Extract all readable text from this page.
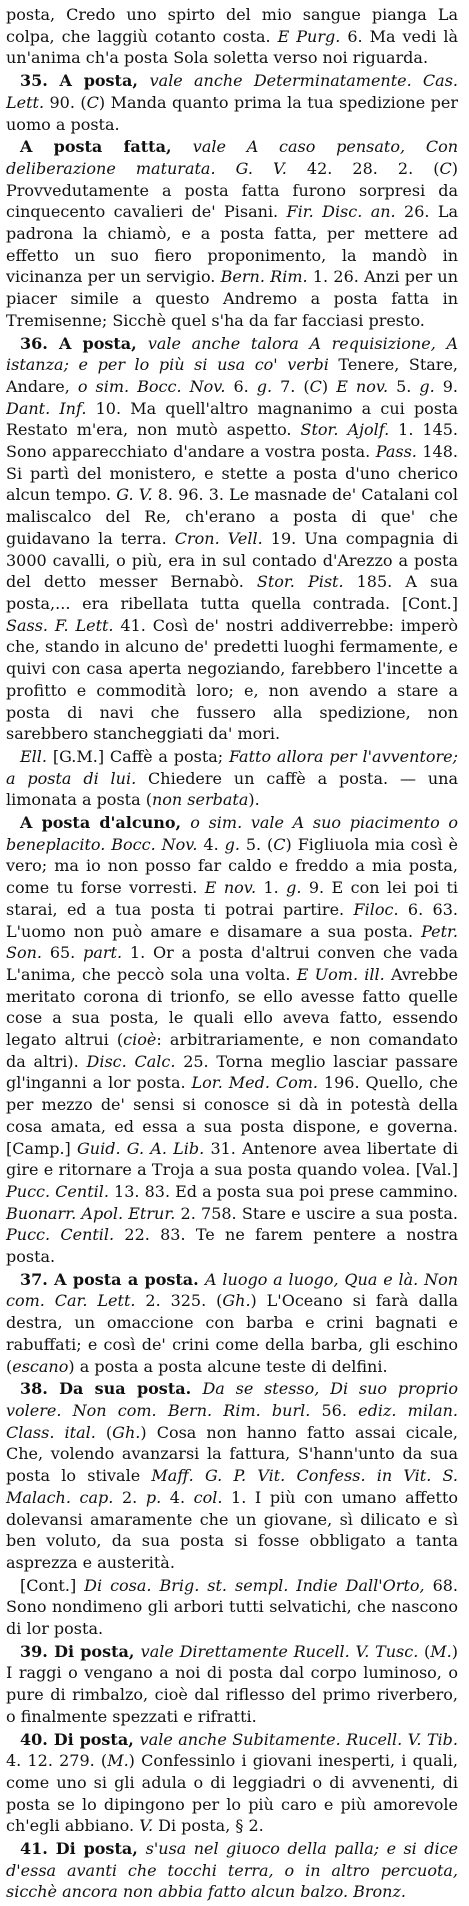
posta, Credo uno spirto del mio sangue pianga La colpa, che laggiù cotanto costa. E Purg. 6. Ma vedi là un'anima ch'a posta Sola soletta verso noi riguarda.

35. A posta, vale anche Determinatamente. Cas. Lett. 90. (C) Manda quanto prima la tua spedizione per uomo a posta.

A posta fatta, vale A caso pensato, Con deliberazione maturata. G. V. 42. 28. 2. (C) Provvedutamente a posta fatta furono sorpresi da cinquecento cavalieri de' Pisani. Fir. Disc. an. 26. La padrona la chiamò, e a posta fatta, per mettere ad effetto un suo fiero proponimento, la mandò in vicinanza per un servigio. Bern. Rim. 1. 26. Anzi per un piacer simile a questo Andremo a posta fatta in Tremisenne; Sicchè quel s'ha da far facciasi presto.

36. A posta, vale anche talora A requisizione, A istanza; e per lo più si usa co' verbi Tenere, Stare, Andare, o sim. Bocc. Nov. 6. g. 7. (C) E nov. 5. g. 9. Dant. Inf. 10. Ma quell'altro magnanimo a cui posta Restato m'era, non mutò aspetto. Stor. Ajolf. 1. 145. Sono apparecchiato d'andare a vostra posta. Pass. 148. Si partì del monistero, e stette a posta d'uno cherico alcun tempo. G. V. 8. 96. 3. Le masnade de' Catalani col maliscalco del Re, ch'erano a posta di que' che guidavano la terra. Cron. Vell. 19. Una compagnia di 3000 cavalli, o più, era in sul contado d'Arezzo a posta del detto messer Bernabò. Stor. Pist. 185. A sua posta,... era ribellata tutta quella contrada. [Cont.] Sass. F. Lett. 41. Così de' nostri addiverrebbe: imperò che, stando in alcuno de' predetti luoghi fermamente, e quivi con casa aperta negoziando, farebbero l'incette a profitto e commodità loro; e, non avendo a stare a posta di navi che fussero alla spedizione, non sarebbero stancheggiati da' mori.

Ell. [G.M.] Caffè a posta; Fatto allora per l'avventore; a posta di lui. Chiedere un caffè a posta. — una limonata a posta (non serbata).

A posta d'alcuno, o sim. vale A suo piacimento o beneplacito. Bocc. Nov. 4. g. 5. (C) Figliuola mia così è vero; ma io non posso far caldo e freddo a mia posta, come tu forse vorresti. E nov. 1. g. 9. E con lei poi ti starai, ed a tua posta ti potrai partire. Filoc. 6. 63. L'uomo non può amare e disamare a sua posta. Petr. Son. 65. part. 1. Or a posta d'altrui conven che vada L'anima, che peccò sola una volta. E Uom. ill. Avrebbe meritato corona di trionfo, se ello avesse fatto quelle cose a sua posta, le quali ello aveva fatto, essendo legato altrui (cioè: arbitrariamente, e non comandato da altri). Disc. Calc. 25. Torna meglio lasciar passare gl'inganni a lor posta. Lor. Med. Com. 196. Quello, che per mezzo de' sensi si conosce si dà in potestà della cosa amata, ed essa a sua posta dispone, e governa. [Camp.] Guid. G. A. Lib. 31. Antenore avea libertate di gire e ritornare a Troja a sua posta quando volea. [Val.] Pucc. Centil. 13. 83. Ed a posta sua poi prese cammino. Buonarr. Apol. Etrur. 2. 758. Stare e uscire a sua posta. Pucc. Centil. 22. 83. Te ne farem pentere a nostra posta.

37. A posta a posta. A luogo a luogo, Qua e là. Non com. Car. Lett. 2. 325. (Gh.) L'Oceano si farà dalla destra, un omaccione con barba e crini bagnati e rabuffati; e così de' crini come della barba, gli eschino (escano) a posta a posta alcune teste di delfini.

38. Da sua posta. Da se stesso, Di suo proprio volere. Non com. Bern. Rim. burl. 56. ediz. milan. Class. ital. (Gh.) Cosa non hanno fatto assai cicale, Che, volendo avanzarsi la fattura, S'hann'unto da sua posta lo stivale Maff. G. P. Vit. Confess. in Vit. S. Malach. cap. 2. p. 4. col. 1. I più con umano affetto dolevansi amaramente che un giovane, sì dilicato e sì ben voluto, da sua posta si fosse obbligato a tanta asprezza e austerità.

[Cont.] Di cosa. Brig. st. sempl. Indie Dall'Orto, 68. Sono nondimeno gli arbori tutti selvatichi, che nascono di lor posta.

39. Di posta, vale Direttamente Rucell. V. Tusc. (M.) I raggi o vengano a noi di posta dal corpo luminoso, o pure di rimbalzo, cioè dal riflesso del primo riverbero, o finalmente spezzati e rifratti.

40. Di posta, vale anche Subitamente. Rucell. V. Tib. 4. 12. 279. (M.) Confessinlo i giovani inesperti, i quali, come uno si gli adula o di leggiadri o di avvenenti, di posta se lo dipingono per lo più caro e più amorevole ch'egli abbiano. V. Di posta, § 2.

41. Di posta, s'usa nel giuoco della palla; e si dice d'essa avanti che tocchi terra, o in altro percuota, sicchè ancora non abbia fatto alcun balzo. Bronz.
